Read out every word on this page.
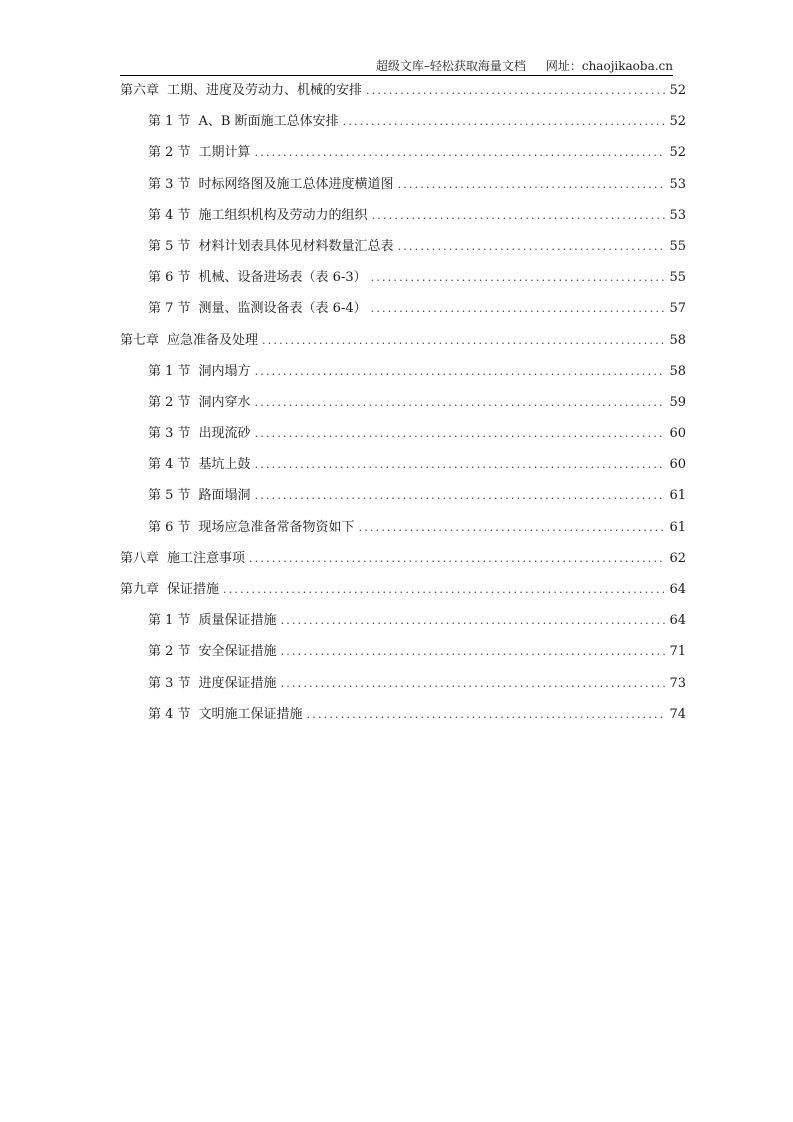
超级文库–轻松获取海量文档 网址：chaojikaoba.cn
第六章 工期、进度及劳动力、机械的安排 .....	52
第 1 节 A、B 断面施工总体安排 .....	52
第 2 节 工期计算 .....	52
第 3 节 时标网络图及施工总体进度横道图 .....	53
第 4 节 施工组织机构及劳动力的组织 .....	53
第 5 节 材料计划表具体见材料数量汇总表 .....	55
第 6 节 机械、设备进场表（表 6-3） .....	55
第 7 节 测量、监测设备表（表 6-4） .....	57
第七章 应急准备及处理 .....	58
第 1 节 洞内塌方 .....	58
第 2 节 洞内穿水 .....	59
第 3 节 出现流砂 .....	60
第 4 节 基坑上鼓 .....	60
第 5 节 路面塌洞 .....	61
第 6 节 现场应急准备常备物资如下 .....	61
第八章 施工注意事项 .....	62
第九章 保证措施 .....	64
第 1 节 质量保证措施 .....	64
第 2 节 安全保证措施 .....	71
第 3 节 进度保证措施 .....	73
第 4 节 文明施工保证措施 .....	74
